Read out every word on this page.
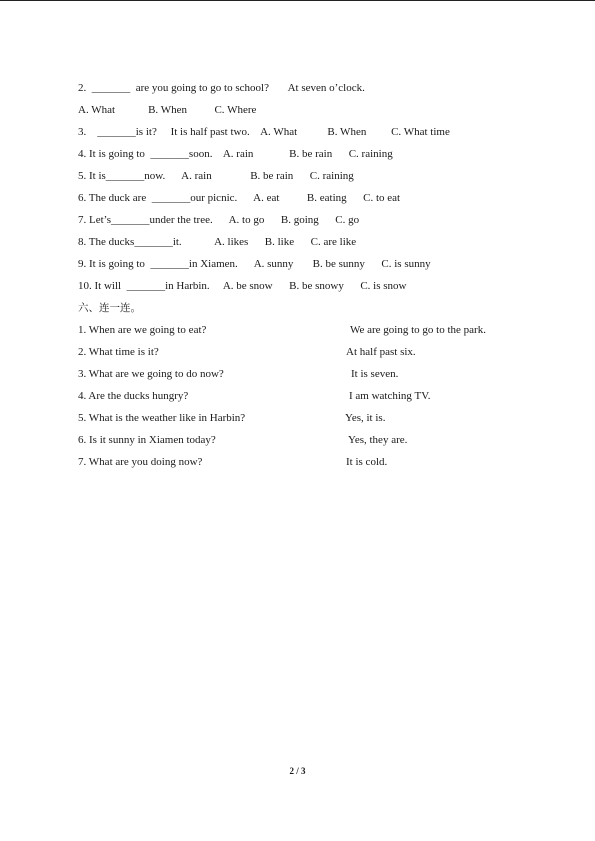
2.  _______  are you going to go to school?       At seven o’clock.
A. What            B. When          C. Where
3.    _______is it?     It is half past two.    A. What           B. When         C. What time
4. It is going to  _______soon.    A. rain             B. be rain      C. raining
5. It is_______now.      A. rain              B. be rain      C. raining
6. The duck are  _______our picnic.      A. eat          B. eating      C. to eat
7. Let’s_______under the tree.      A. to go      B. going      C. go
8. The ducks_______it.            A. likes      B. like      C. are like
9. It is going to  _______in Xiamen.      A. sunny       B. be sunny      C. is sunny
10. It will  _______in Harbin.     A. be snow      B. be snowy      C. is snow
六、连一连。
1. When are we going to eat?
2. What time is it?
3. What are we going to do now?
4. Are the ducks hungry?
5. What is the weather like in Harbin?
6. Is it sunny in Xiamen today?
7. What are you doing now?
We are going to go to the park.
At half past six.
It is seven.
I am watching TV.
Yes, it is.
Yes, they are.
It is cold.
2 / 3
